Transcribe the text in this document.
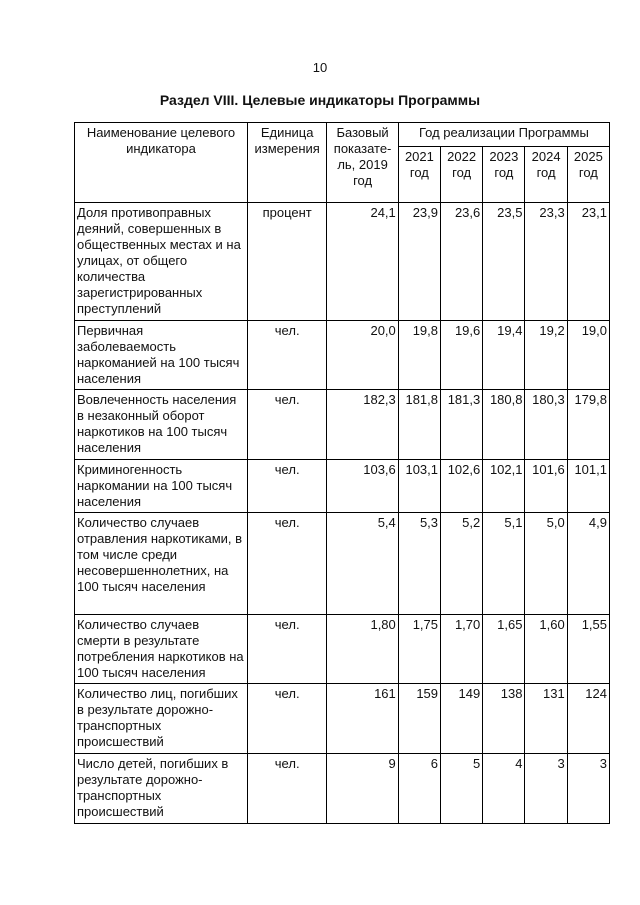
10
Раздел VIII. Целевые индикаторы Программы
Наименование целевого индикатора	Единица измерения	Базовый показате-ль, 2019 год	Год реализации Программы				
			2021 год	2022 год	2023 год	2024 год	2025 год
Доля противоправных деяний, совершенных в общественных местах и на улицах, от общего количества зарегистрированных преступлений	процент	24,1	23,9	23,6	23,5	23,3	23,1
Первичная заболеваемость наркоманией на 100 тысяч населения	чел.	20,0	19,8	19,6	19,4	19,2	19,0
Вовлеченность населения в незаконный оборот наркотиков на 100 тысяч населения	чел.	182,3	181,8	181,3	180,8	180,3	179,8
Криминогенность наркомании на 100 тысяч населения	чел.	103,6	103,1	102,6	102,1	101,6	101,1
Количество случаев отравления наркотиками, в том числе среди несовершеннолетних, на 100 тысяч населения	чел.	5,4	5,3	5,2	5,1	5,0	4,9
Количество случаев смерти в результате потребления наркотиков на 100 тысяч населения	чел.	1,80	1,75	1,70	1,65	1,60	1,55
Количество лиц, погибших в результате дорожно-транспортных происшествий	чел.	161	159	149	138	131	124
Число детей, погибших в результате дорожно-транспортных происшествий	чел.	9	6	5	4	3	3
